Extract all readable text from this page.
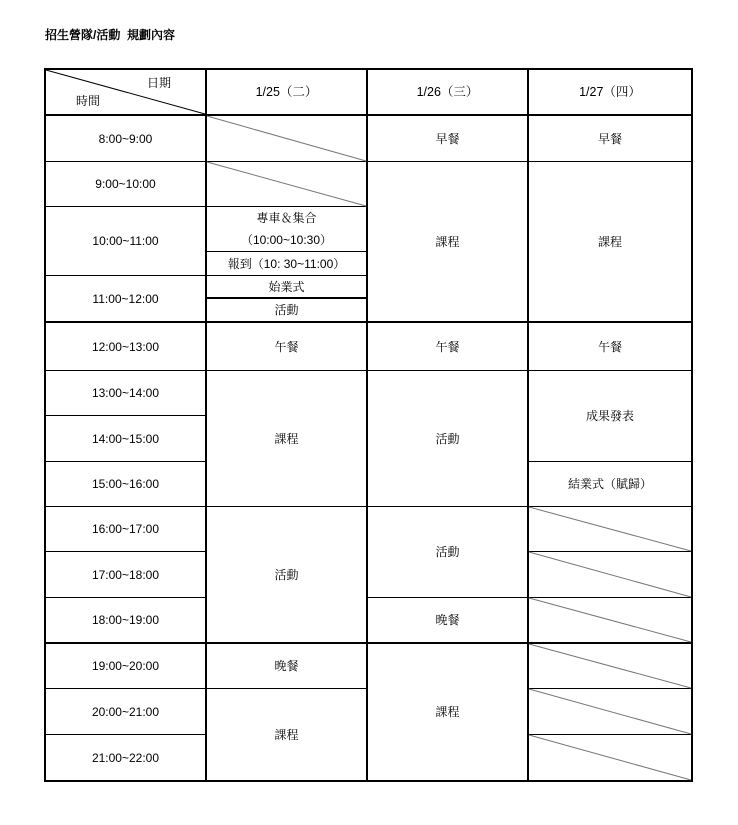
招生營隊/活動  規劃內容
日期
時間
1/25（二）	1/26（三）	1/27（四）
8:00~9:00
9:00~10:00
10:00~11:00
11:00~12:00
12:00~13:00
13:00~14:00
14:00~15:00
15:00~16:00
16:00~17:00
17:00~18:00
18:00~19:00
19:00~20:00
20:00~21:00
21:00~22:00
專車＆集合
（10:00~10:30）
報到（10: 30~11:00）
始業式
活動
午餐
課程
活動
晚餐
課程
早餐
課程
午餐
活動
活動
晚餐
課程
早餐
課程
午餐
成果發表
結業式（賦歸）
